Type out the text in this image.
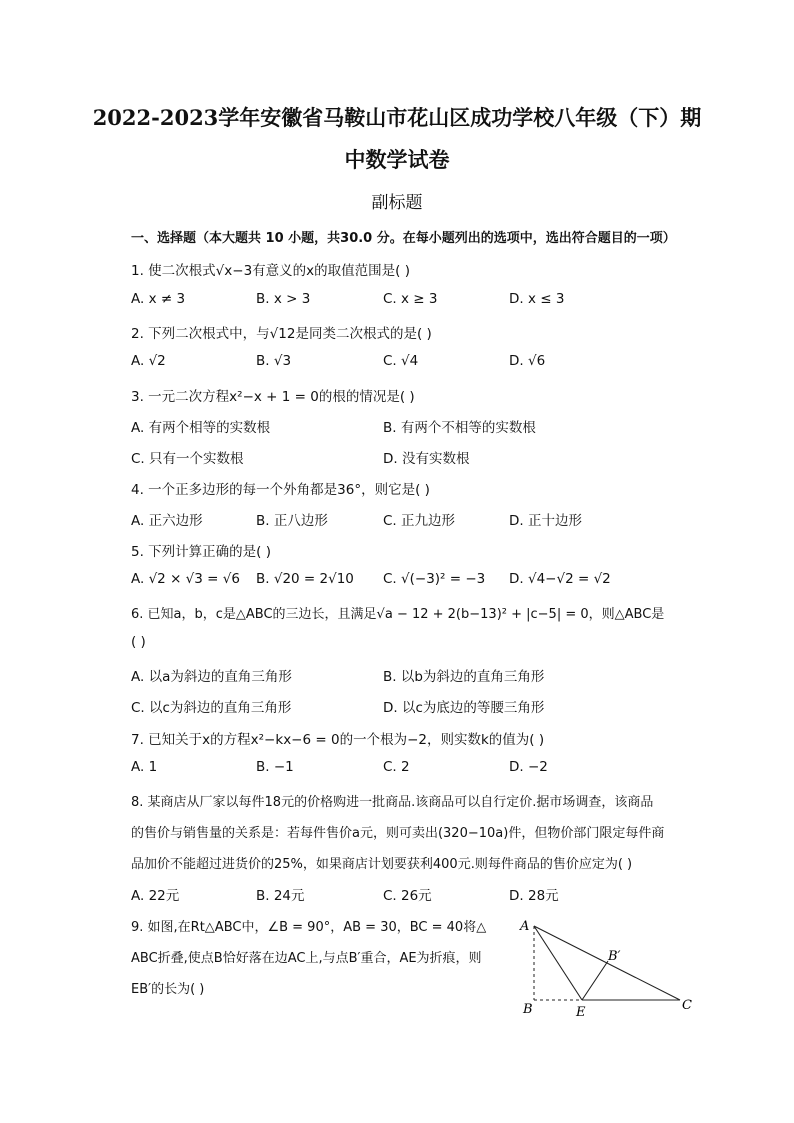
2022-2023学年安徽省马鞍山市花山区成功学校八年级（下）期
中数学试卷
副标题
一、选择题（本大题共 10 小题，共30.0 分。在每小题列出的选项中，选出符合题目的一项）
1. 使二次根式√x−3有意义的x的取值范围是( )
A. x ≠ 3	B. x > 3	C. x ≥ 3	D. x ≤ 3
2. 下列二次根式中，与√12是同类二次根式的是( )
A. √2	B. √3	C. √4	D. √6
3. 一元二次方程x²−x + 1 = 0的根的情况是( )
A. 有两个相等的实数根	B. 有两个不相等的实数根
C. 只有一个实数根	D. 没有实数根
4. 一个正多边形的每一个外角都是36°，则它是( )
A. 正六边形	B. 正八边形	C. 正九边形	D. 正十边形
5. 下列计算正确的是( )
A. √2 × √3 = √6 B. √20 = 2√10 C. √(−3)² = −3 D. √4−√2 = √2
6. 已知a，b，c是△ABC的三边长，且满足√a − 12 + 2(b−13)² + |c−5| = 0，则△ABC是
( )
A. 以a为斜边的直角三角形	B. 以b为斜边的直角三角形
C. 以c为斜边的直角三角形	D. 以c为底边的等腰三角形
7. 已知关于x的方程x²−kx−6 = 0的一个根为−2，则实数k的值为( )
A. 1	B. −1	C. 2	D. −2
8. 某商店从厂家以每件18元的价格购进一批商品.该商品可以自行定价.据市场调查，该商品
的售价与销售量的关系是：若每件售价a元，则可卖出(320−10a)件，但物价部门限定每件商
品加价不能超过进货价的25%，如果商店计划要获利400元.则每件商品的售价应定为( )
A. 22元	B. 24元	C. 26元	D. 28元
9. 如图,在Rt△ABC中，∠B = 90°，AB = 30，BC = 40将△
ABC折叠,使点B恰好落在边AC上,与点B′重合，AE为折痕，则
EB′的长为( )
A
B	C
E
B′
